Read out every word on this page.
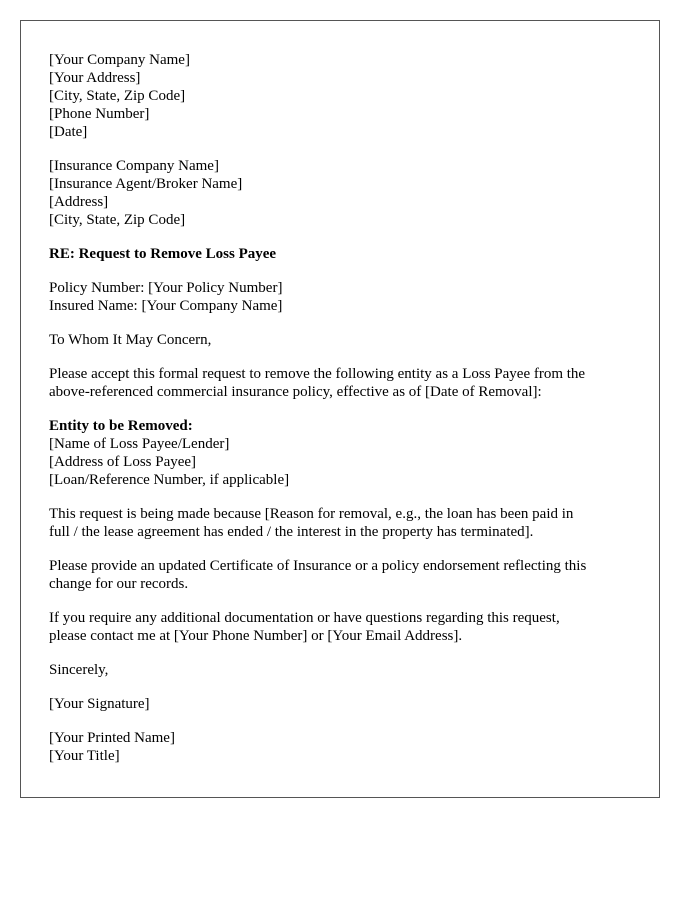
[Your Company Name]
[Your Address]
[City, State, Zip Code]
[Phone Number]
[Date]
[Insurance Company Name]
[Insurance Agent/Broker Name]
[Address]
[City, State, Zip Code]
RE: Request to Remove Loss Payee
Policy Number: [Your Policy Number]
Insured Name: [Your Company Name]
To Whom It May Concern,
Please accept this formal request to remove the following entity as a Loss Payee from the
above-referenced commercial insurance policy, effective as of [Date of Removal]:
Entity to be Removed:
[Name of Loss Payee/Lender]
[Address of Loss Payee]
[Loan/Reference Number, if applicable]
This request is being made because [Reason for removal, e.g., the loan has been paid in
full / the lease agreement has ended / the interest in the property has terminated].
Please provide an updated Certificate of Insurance or a policy endorsement reflecting this
change for our records.
If you require any additional documentation or have questions regarding this request,
please contact me at [Your Phone Number] or [Your Email Address].
Sincerely,
[Your Signature]
[Your Printed Name]
[Your Title]
